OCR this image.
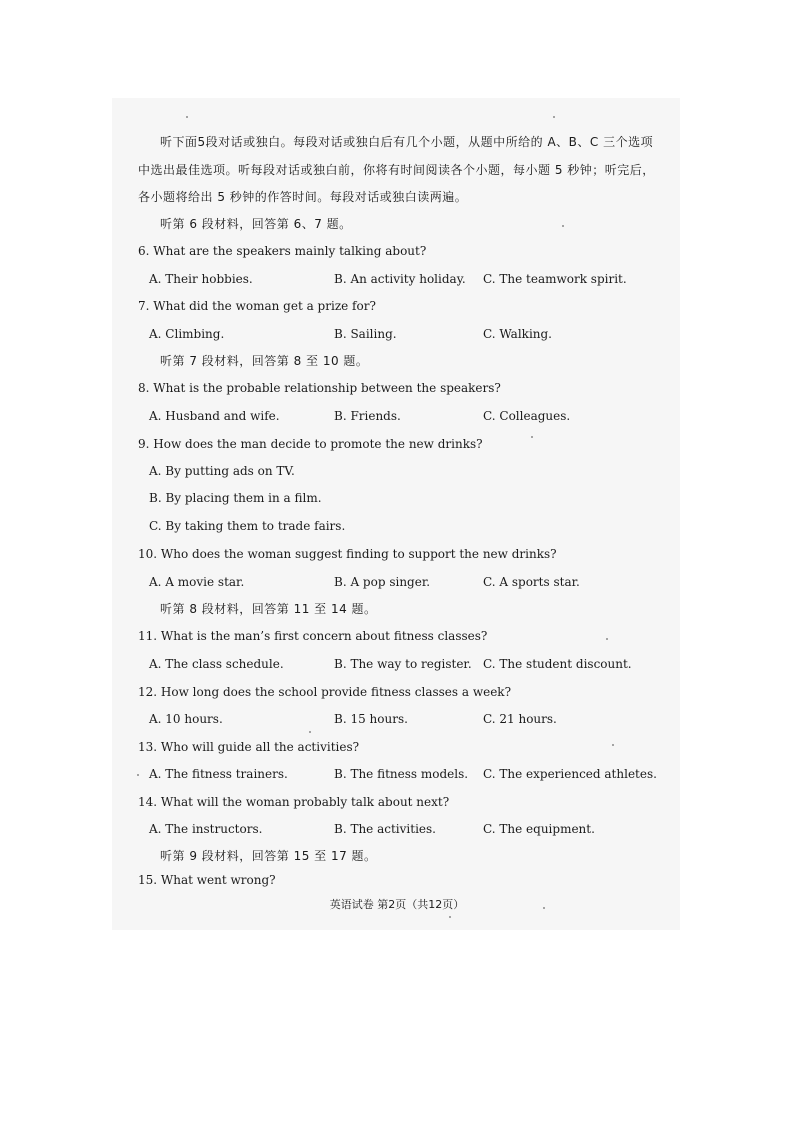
听下面5段对话或独白。每段对话或独白后有几个小题，从题中所给的 A、B、C 三个选项
中选出最佳选项。听每段对话或独白前，你将有时间阅读各个小题，每小题 5 秒钟；听完后，
各小题将给出 5 秒钟的作答时间。每段对话或独白读两遍。
听第 6 段材料，回答第 6、7 题。
6. What are the speakers mainly talking about?
A. Their hobbies.	B. An activity holiday. C. The teamwork spirit.
7. What did the woman get a prize for?
A. Climbing.	B. Sailing.	C. Walking.
听第 7 段材料，回答第 8 至 10 题。
8. What is the probable relationship between the speakers?
A. Husband and wife.	B. Friends.	C. Colleagues.
9. How does the man decide to promote the new drinks?
A. By putting ads on TV.
B. By placing them in a film.
C. By taking them to trade fairs.
10. Who does the woman suggest finding to support the new drinks?
A. A movie star.	B. A pop singer.	C. A sports star.
听第 8 段材料，回答第 11 至 14 题。
11. What is the man’s first concern about fitness classes?
A. The class schedule.	B. The way to register. C. The student discount.
12. How long does the school provide fitness classes a week?
A. 10 hours.	B. 15 hours.	C. 21 hours.
13. Who will guide all the activities?
A. The fitness trainers.	B. The fitness models. C. The experienced athletes.
14. What will the woman probably talk about next?
A. The instructors.	B. The activities.	C. The equipment.
听第 9 段材料，回答第 15 至 17 题。
15. What went wrong?
英语试卷 第2页（共12页）
